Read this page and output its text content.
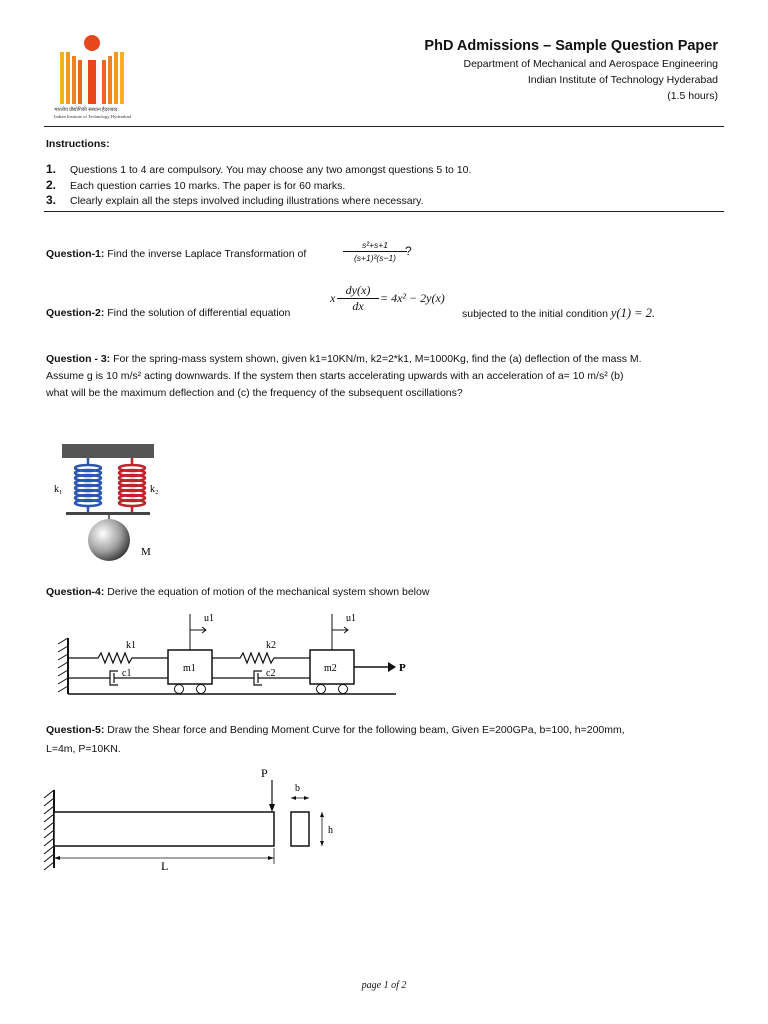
भारतीय प्रौद्योगिकी संस्थान हैदराबाद
Indian Institute of Technology Hyderabad
PhD Admissions – Sample Question Paper
Department of Mechanical and Aerospace Engineering
Indian Institute of Technology Hyderabad
(1.5 hours)
Instructions:
1. Questions 1 to 4 are compulsory. You may choose any two amongst questions 5 to 10.
2. Each question carries 10 marks. The paper is for 60 marks.
3. Clearly explain all the steps involved including illustrations where necessary.
Question-1: Find the inverse Laplace Transformation of	$\frac{\text{s²+s+1}}{\text{(s+1)²(s−1)}}$
?
Question-2: Find the solution of differential equation
x $\frac{dy(x)}{dx} = 4x^2 - 2y(x)$
subjected to the initial condition y(1) = 2.
Question - 3: For the spring-mass system shown, given k1=10KN/m, k2=2*k1, M=1000Kg, find the (a) deflection of the mass M.
Assume g is 10 m/s² acting downwards. If the system then starts accelerating upwards with an acceleration of a= 10 m/s² (b)
what will be the maximum deflection and (c) the frequency of the subsequent oscillations?
k₁	k₂
M
Question-4: Derive the equation of motion of the mechanical system shown below
u1	u1
k1	k2
c1	c2
m1	m2	P
Question-5: Draw the Shear force and Bending Moment Curve for the following beam, Given E=200GPa, b=100, h=200mm,
L=4m, P=10KN.
P
L
b
h
page 1 of 2
